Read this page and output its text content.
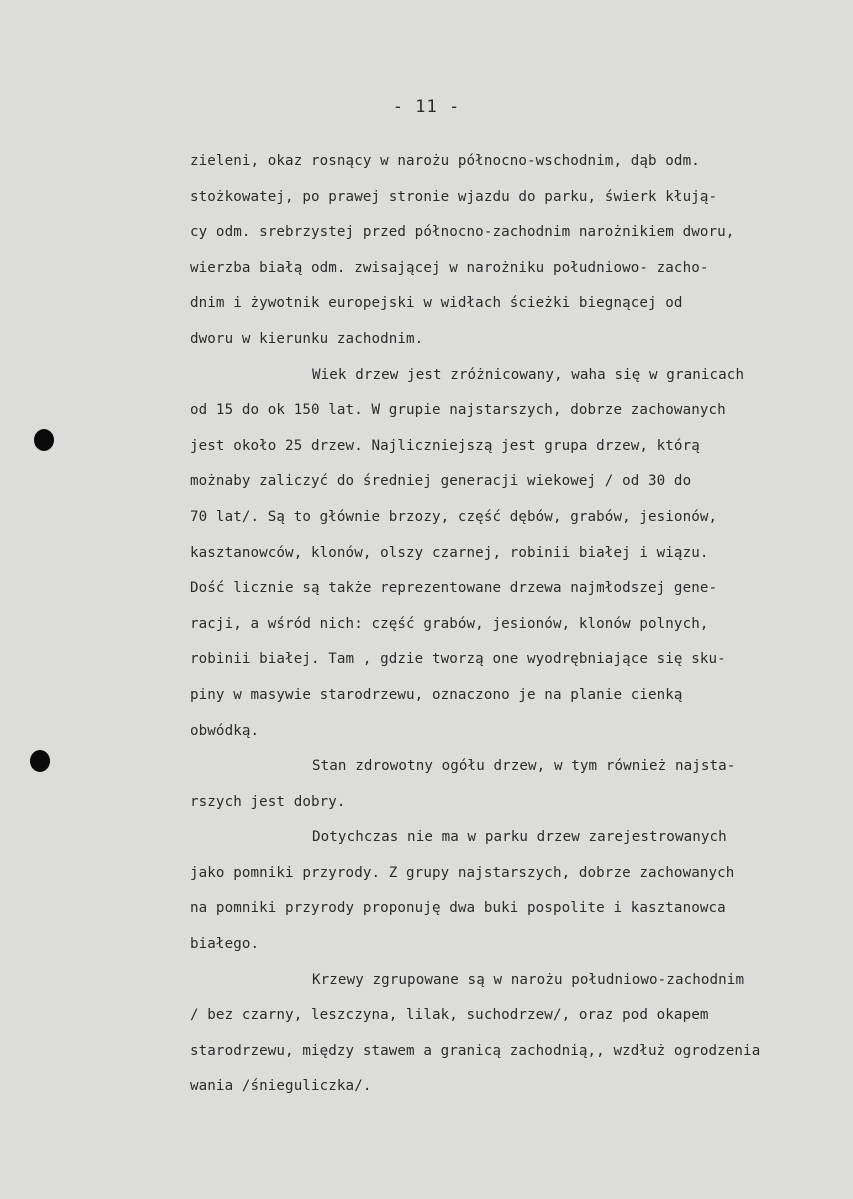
- 11 -
zieleni, okaz rosnący w narożu północno-wschodnim, dąb odm.
stożkowatej, po prawej stronie wjazdu do parku, świerk kłują-
cy odm. srebrzystej przed północno-zachodnim narożnikiem dworu,
wierzba białą odm. zwisającej w narożniku południowo- zacho-
dnim i żywotnik europejski w widłach ścieżki biegnącej od
dworu w kierunku zachodnim.
Wiek drzew jest zróżnicowany, waha się w granicach
od 15 do ok 150 lat. W grupie najstarszych, dobrze zachowanych
jest około 25 drzew. Najliczniejszą jest grupa drzew, którą
możnaby zaliczyć do średniej generacji wiekowej / od 30 do
70 lat/. Są to głównie brzozy, część dębów, grabów, jesionów,
kasztanowców, klonów, olszy czarnej, robinii białej i wiązu.
Dość licznie są także reprezentowane drzewa najmłodszej gene-
racji, a wśród nich: część grabów, jesionów, klonów polnych,
robinii białej. Tam , gdzie tworzą one wyodrębniające się sku-
piny w masywie starodrzewu, oznaczono je na planie cienką
obwódką.
Stan zdrowotny ogółu drzew, w tym również najsta-
rszych jest dobry.
Dotychczas nie ma w parku drzew zarejestrowanych
jako pomniki przyrody. Z grupy najstarszych, dobrze zachowanych
na pomniki przyrody proponuję dwa buki pospolite i kasztanowca
białego.
Krzewy zgrupowane są w narożu południowo-zachodnim
/ bez czarny, leszczyna, lilak, suchodrzew/, oraz pod okapem
starodrzewu, między stawem a granicą zachodnią,, wzdłuż ogrodzenia
wania /śnieguliczka/.
